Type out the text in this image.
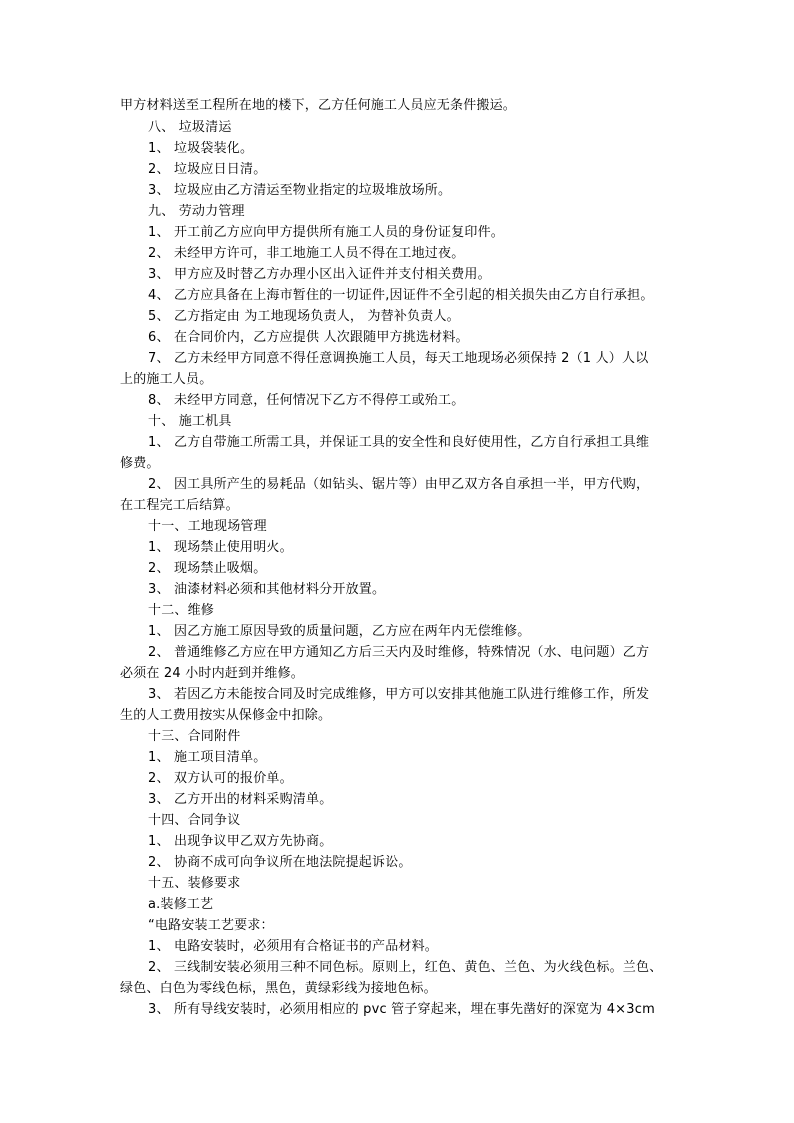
甲方材料送至工程所在地的楼下，乙方任何施工人员应无条件搬运。
八、 垃圾清运
1、 垃圾袋装化。
2、 垃圾应日日清。
3、 垃圾应由乙方清运至物业指定的垃圾堆放场所。
九、 劳动力管理
1、 开工前乙方应向甲方提供所有施工人员的身份证复印件。
2、 未经甲方许可，非工地施工人员不得在工地过夜。
3、 甲方应及时替乙方办理小区出入证件并支付相关费用。
4、 乙方应具备在上海市暂住的一切证件,因证件不全引起的相关损失由乙方自行承担。
5、 乙方指定由 为工地现场负责人， 为替补负责人。
6、 在合同价内，乙方应提供 人次跟随甲方挑选材料。
7、 乙方未经甲方同意不得任意调换施工人员，每天工地现场必须保持 2（1 人）人以
上的施工人员。
8、 未经甲方同意，任何情况下乙方不得停工或殆工。
十、 施工机具
1、 乙方自带施工所需工具，并保证工具的安全性和良好使用性，乙方自行承担工具维
修费。
2、 因工具所产生的易耗品（如钻头、锯片等）由甲乙双方各自承担一半，甲方代购，
在工程完工后结算。
十一、工地现场管理
1、 现场禁止使用明火。
2、 现场禁止吸烟。
3、 油漆材料必须和其他材料分开放置。
十二、维修
1、 因乙方施工原因导致的质量问题，乙方应在两年内无偿维修。
2、 普通维修乙方应在甲方通知乙方后三天内及时维修，特殊情况（水、电问题）乙方
必须在 24 小时内赶到并维修。
3、 若因乙方未能按合同及时完成维修，甲方可以安排其他施工队进行维修工作，所发
生的人工费用按实从保修金中扣除。
十三、合同附件
1、 施工项目清单。
2、 双方认可的报价单。
3、 乙方开出的材料采购清单。
十四、合同争议
1、 出现争议甲乙双方先协商。
2、 协商不成可向争议所在地法院提起诉讼。
十五、装修要求
a.装修工艺
“电路安装工艺要求：
1、 电路安装时，必须用有合格证书的产品材料。
2、 三线制安装必须用三种不同色标。原则上，红色、黄色、兰色、为火线色标。兰色、
绿色、白色为零线色标，黑色，黄绿彩线为接地色标。
3、 所有导线安装时，必须用相应的 pvc 管子穿起来，埋在事先凿好的深宽为 4×3cm
